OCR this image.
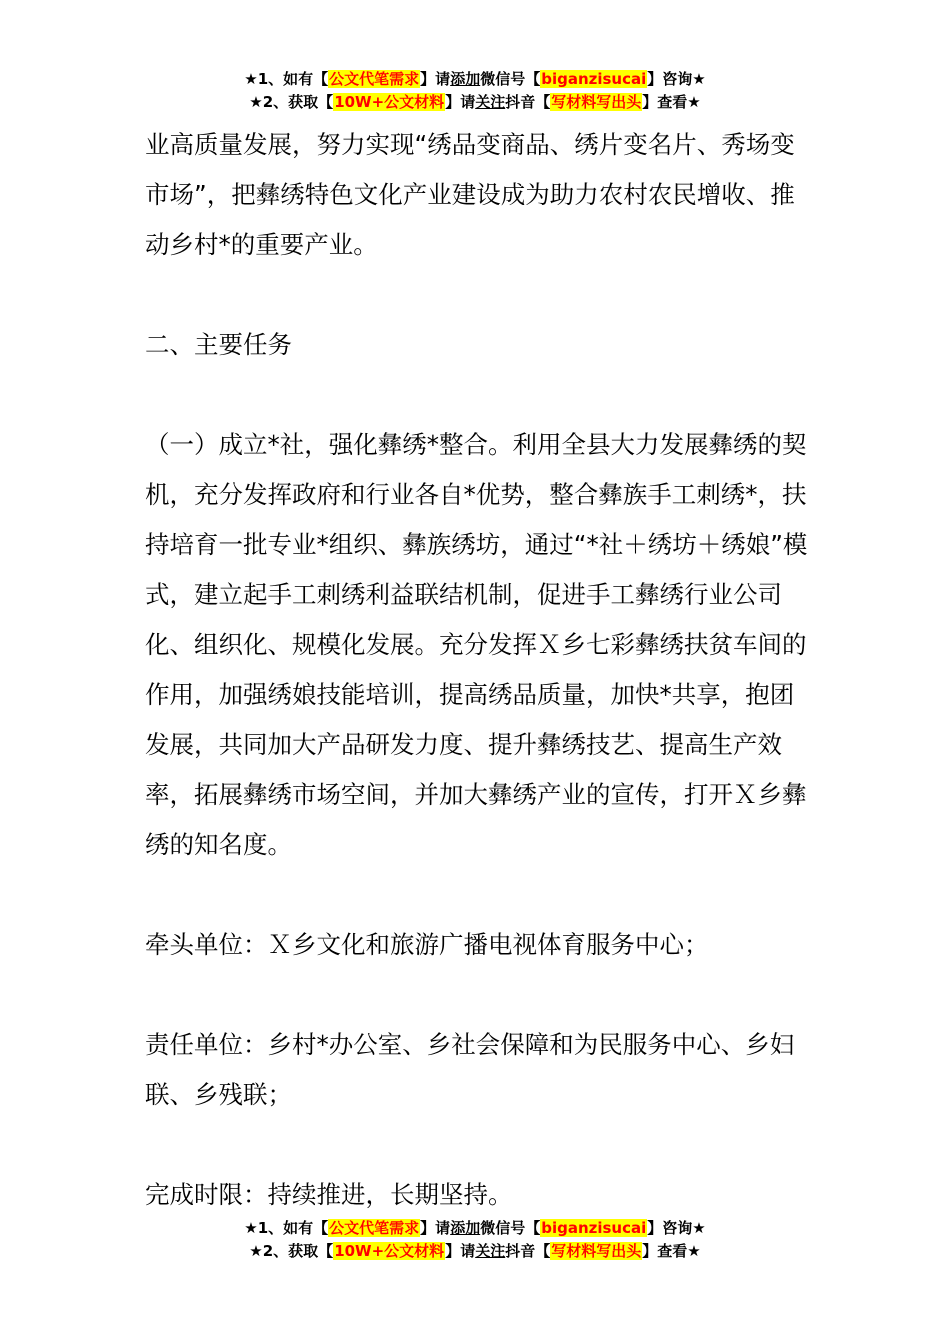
★1、如有【公文代笔需求】请添加微信号【biganzisucai】咨询★
★2、获取【10W+公文材料】请关注抖音【写材料写出头】查看★

业高质量发展，努力实现“绣品变商品、绣片变名片、秀场变市场”，把彝绣特色文化产业建设成为助力农村农民增收、推动乡村*的重要产业。

二、主要任务

（一）成立*社，强化彝绣*整合。利用全县大力发展彝绣的契机，充分发挥政府和行业各自*优势，整合彝族手工刺绣*，扶持培育一批专业*组织、彝族绣坊，通过“*社＋绣坊＋绣娘”模式，建立起手工刺绣利益联结机制，促进手工彝绣行业公司化、组织化、规模化发展。充分发挥Ｘ乡七彩彝绣扶贫车间的作用，加强绣娘技能培训，提高绣品质量，加快*共享，抱团发展，共同加大产品研发力度、提升彝绣技艺、提高生产效率，拓展彝绣市场空间，并加大彝绣产业的宣传，打开Ｘ乡彝绣的知名度。

牵头单位：Ｘ乡文化和旅游广播电视体育服务中心；

责任单位：乡村*办公室、乡社会保障和为民服务中心、乡妇联、乡残联；

完成时限：持续推进，长期坚持。

★1、如有【公文代笔需求】请添加微信号【biganzisucai】咨询★
★2、获取【10W+公文材料】请关注抖音【写材料写出头】查看★
